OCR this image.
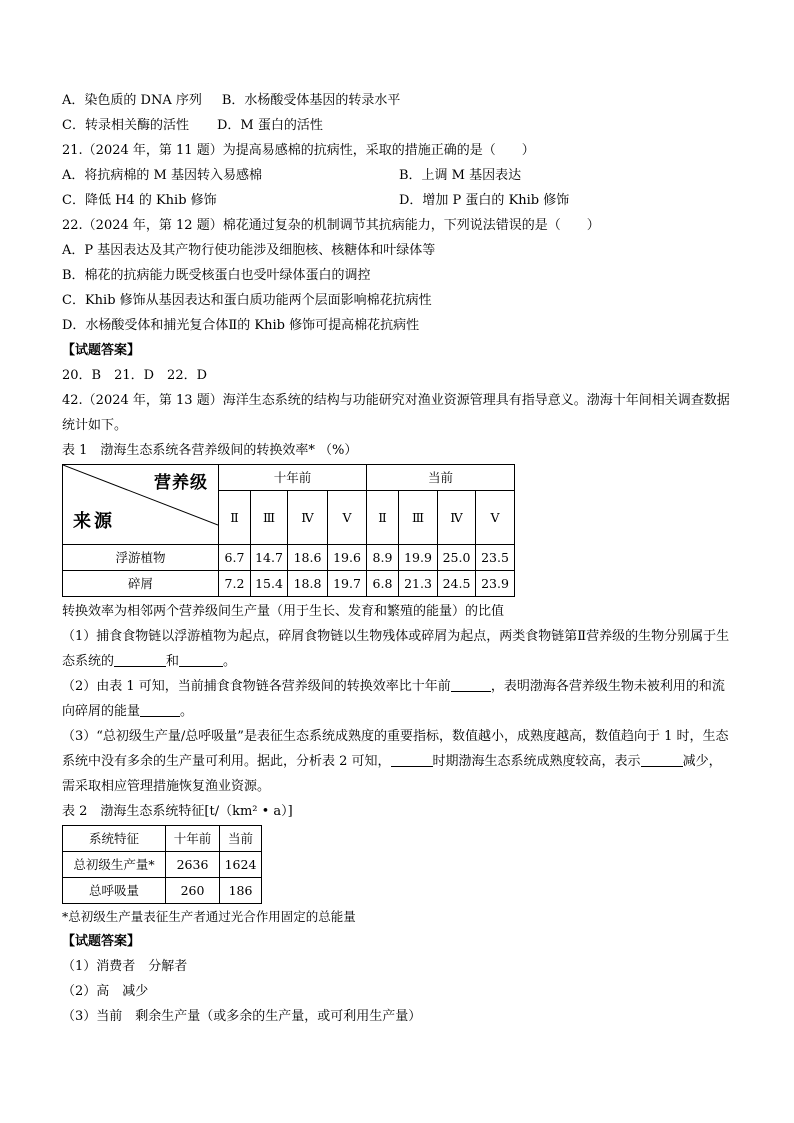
A．染色质的 DNA 序列 B．水杨酸受体基因的转录水平
C．转录相关酶的活性 D．M 蛋白的活性
21.（2024 年，第 11 题）为提高易感棉的抗病性，采取的措施正确的是（　　）
A．将抗病棉的 M 基因转入易感棉	B．上调 M 基因表达
C．降低 H4 的 Khib 修饰	D．增加 P 蛋白的 Khib 修饰
22.（2024 年，第 12 题）棉花通过复杂的机制调节其抗病能力，下列说法错误的是（　　）
A．P 基因表达及其产物行使功能涉及细胞核、核糖体和叶绿体等
B．棉花的抗病能力既受核蛋白也受叶绿体蛋白的调控
C．Khib 修饰从基因表达和蛋白质功能两个层面影响棉花抗病性
D．水杨酸受体和捕光复合体Ⅱ的 Khib 修饰可提高棉花抗病性
【试题答案】
20．B　21．D　22．D
42.（2024 年，第 13 题）海洋生态系统的结构与功能研究对渔业资源管理具有指导意义。渤海十年间相关调查数据统计如下。
表 1　渤海生态系统各营养级间的转换效率* （%）
营养级
来源	十年前				当前			
	Ⅱ	Ⅲ	Ⅳ	Ⅴ	Ⅱ	Ⅲ	Ⅳ	Ⅴ
浮游植物	6.7	14.7	18.6	19.6	8.9	19.9	25.0	23.5
碎屑	7.2	15.4	18.8	19.7	6.8	21.3	24.5	23.9
转换效率为相邻两个营养级间生产量（用于生长、发育和繁殖的能量）的比值
（1）捕食食物链以浮游植物为起点，碎屑食物链以生物残体或碎屑为起点，两类食物链第Ⅱ营养级的生物分别属于生态系统的	和	。
（2）由表 1 可知，当前捕食食物链各营养级间的转换效率比十年前	，表明渤海各营养级生物未被利用的和流向碎屑的能量	。
（3）“总初级生产量/总呼吸量”是表征生态系统成熟度的重要指标，数值越小，成熟度越高，数值趋向于 1 时，生态系统中没有多余的生产量可利用。据此，分析表 2 可知，	时期渤海生态系统成熟度较高，表示	减少，需采取相应管理措施恢复渔业资源。
表 2　渤海生态系统特征[t/（km² • a）]
系统特征	十年前	当前
总初级生产量*	2636	1624
总呼吸量	260	186
*总初级生产量表征生产者通过光合作用固定的总能量
【试题答案】
（1）消费者　分解者
（2）高　减少
（3）当前　剩余生产量（或多余的生产量，或可利用生产量）
